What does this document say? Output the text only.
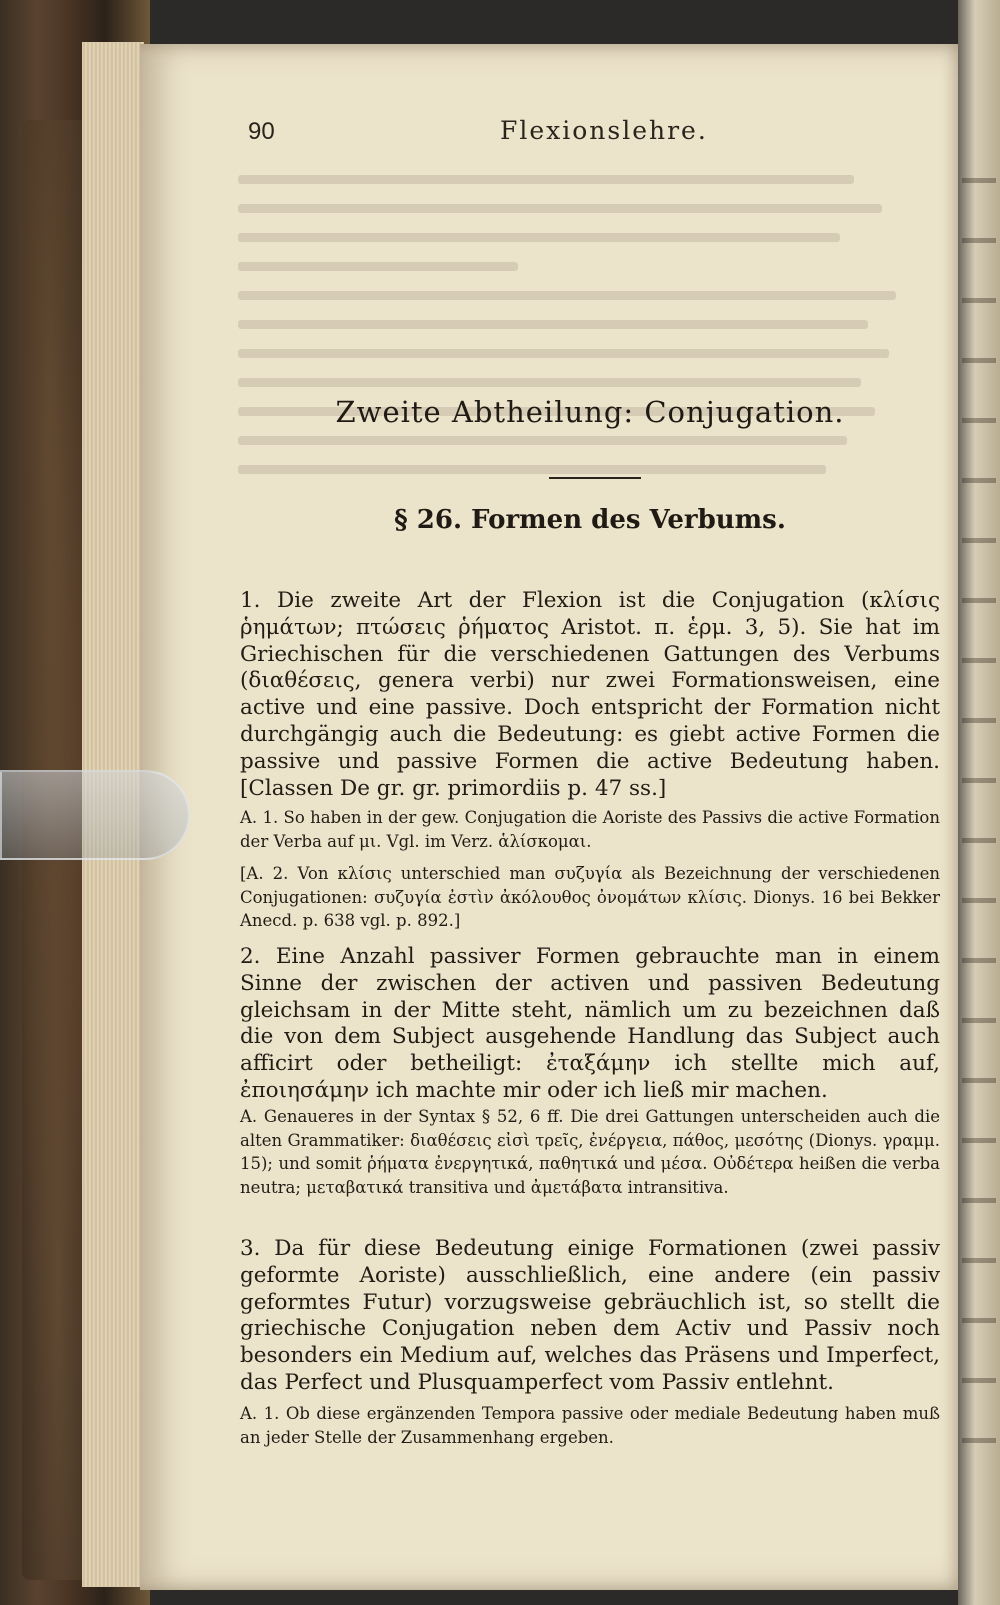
90	Flexionslehre.
Zweite Abtheilung: Conjugation.
§ 26. Formen des Verbums.

1. Die zweite Art der Flexion ist die Conjugation (κλίσις ῥημάτων; πτώσεις ῥήματος Aristot. π. ἑρμ. 3, 5). Sie hat im Griechischen für die verschiedenen Gattungen des Verbums (διαθέσεις, genera verbi) nur zwei Formationsweisen, eine active und eine passive. Doch entspricht der Formation nicht durchgängig auch die Bedeutung: es giebt active Formen die passive und passive Formen die active Bedeutung haben. [Classen De gr. gr. primordiis p. 47 ss.]

A. 1. So haben in der gew. Conjugation die Aoriste des Passivs die active Formation der Verba auf μι. Vgl. im Verz. ἁλίσκομαι.

[A. 2. Von κλίσις unterschied man συζυγία als Bezeichnung der verschiedenen Conjugationen: συζυγία ἐστὶν ἀκόλουθος ὀνομάτων κλίσις. Dionys. 16 bei Bekker Anecd. p. 638 vgl. p. 892.]

2. Eine Anzahl passiver Formen gebrauchte man in einem Sinne der zwischen der activen und passiven Bedeutung gleichsam in der Mitte steht, nämlich um zu bezeichnen daß die von dem Subject ausgehende Handlung das Subject auch afficirt oder betheiligt: ἐταξάμην ich stellte mich auf, ἐποιησάμην ich machte mir oder ich ließ mir machen.

A. Genaueres in der Syntax § 52, 6 ff. Die drei Gattungen unterscheiden auch die alten Grammatiker: διαθέσεις εἰσὶ τρεῖς, ἐνέργεια, πάθος, μεσότης (Dionys. γραμμ. 15); und somit ῥήματα ἐνεργητικά, παθητικά und μέσα. Οὐδέτερα heißen die verba neutra; μεταβατικά transitiva und ἀμετάβατα intransitiva.

3. Da für diese Bedeutung einige Formationen (zwei passiv geformte Aoriste) ausschließlich, eine andere (ein passiv geformtes Futur) vorzugsweise gebräuchlich ist, so stellt die griechische Conjugation neben dem Activ und Passiv noch besonders ein Medium auf, welches das Präsens und Imperfect, das Perfect und Plusquamperfect vom Passiv entlehnt.

A. 1. Ob diese ergänzenden Tempora passive oder mediale Bedeutung haben muß an jeder Stelle der Zusammenhang ergeben.
